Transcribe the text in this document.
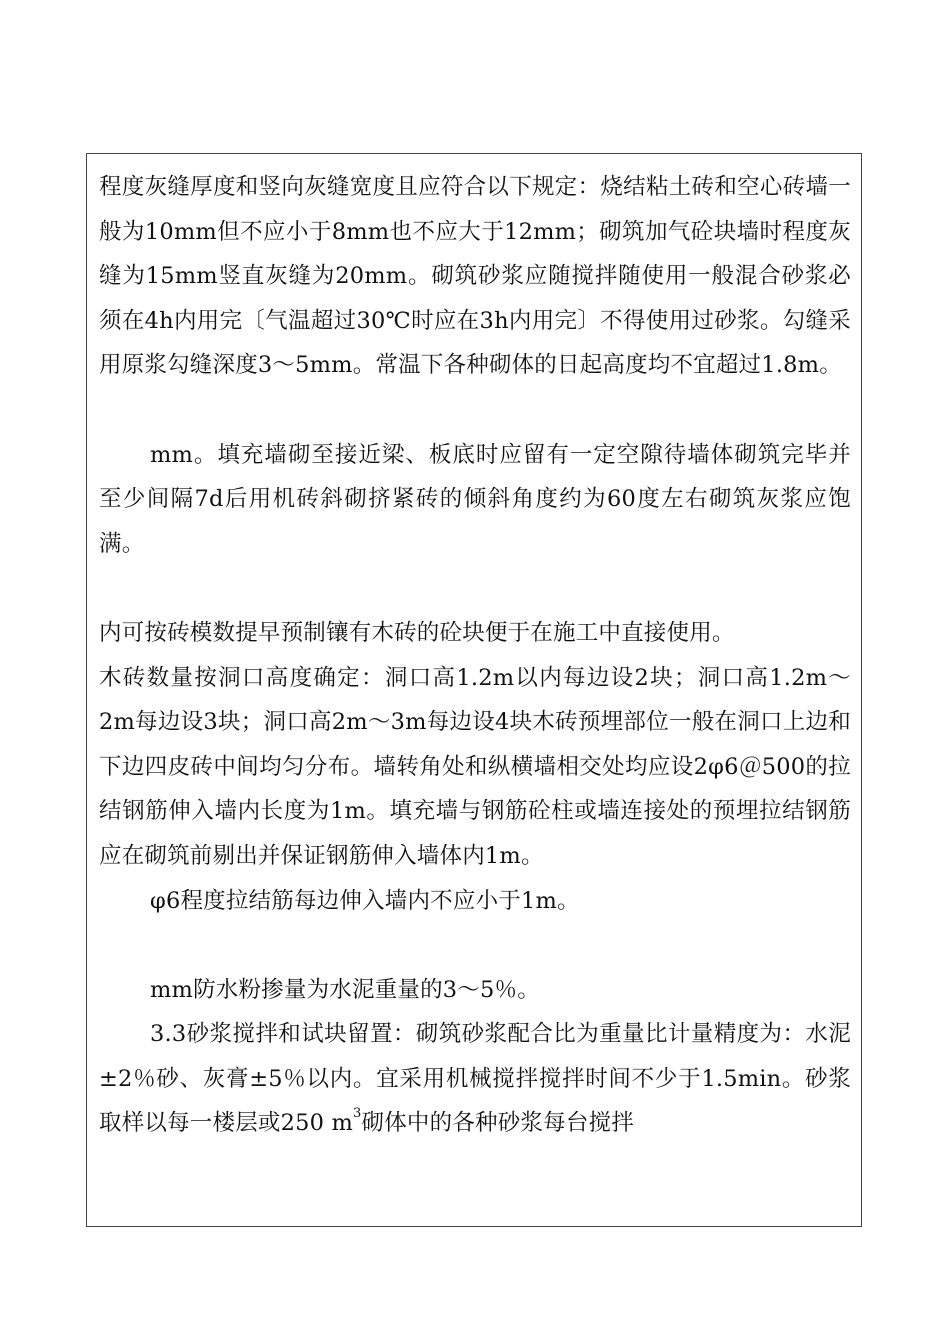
程度灰缝厚度和竖向灰缝宽度且应符合以下规定：烧结粘土砖和空心砖墙一般为10mm但不应小于8mm也不应大于12mm；砌筑加气砼块墙时程度灰缝为15mm竖直灰缝为20mm。砌筑砂浆应随搅拌随使用一般混合砂浆必须在4h内用完〔气温超过30℃时应在3h内用完〕不得使用过砂浆。勾缝采用原浆勾缝深度3～5mm。常温下各种砌体的日起高度均不宜超过1.8m。

mm。填充墙砌至接近梁、板底时应留有一定空隙待墙体砌筑完毕并至少间隔7d后用机砖斜砌挤紧砖的倾斜角度约为60度左右砌筑灰浆应饱满。

内可按砖模数提早预制镶有木砖的砼块便于在施工中直接使用。

木砖数量按洞口高度确定：洞口高1.2m以内每边设2块；洞口高1.2m～2m每边设3块；洞口高2m～3m每边设4块木砖预埋部位一般在洞口上边和下边四皮砖中间均匀分布。墙转角处和纵横墙相交处均应设2φ6＠500的拉结钢筋伸入墙内长度为1m。填充墙与钢筋砼柱或墙连接处的预埋拉结钢筋应在砌筑前剔出并保证钢筋伸入墙体内1m。

φ6程度拉结筋每边伸入墙内不应小于1m。

mm防水粉掺量为水泥重量的3～5％。

3.3砂浆搅拌和试块留置：砌筑砂浆配合比为重量比计量精度为：水泥±2％砂、灰膏±5％以内。宜采用机械搅拌搅拌时间不少于1.5min。砂浆取样以每一楼层或250 $m^3$砌体中的各种砂浆每台搅拌
